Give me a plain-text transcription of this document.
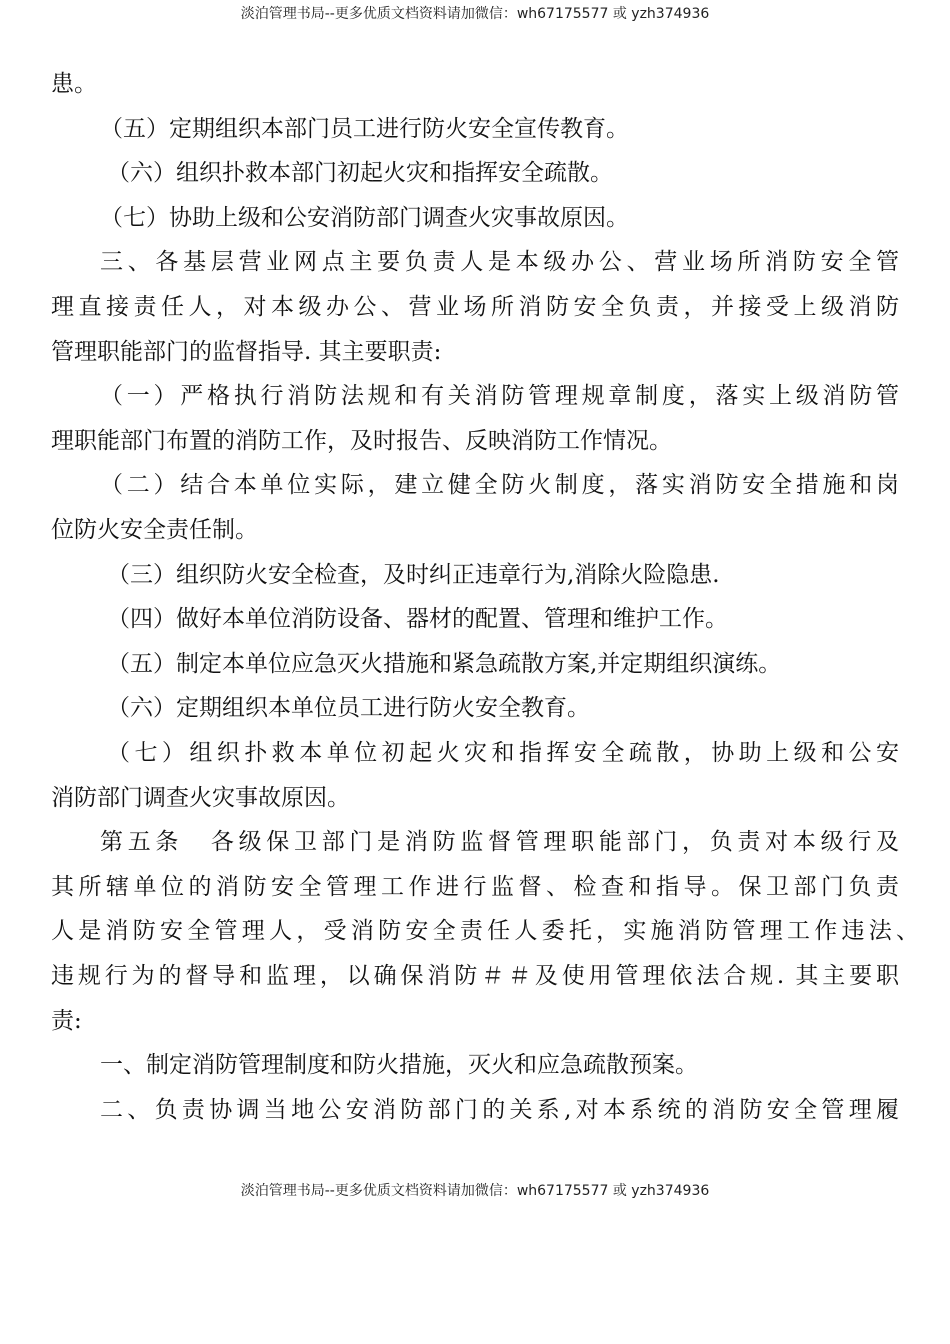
淡泊管理书局--更多优质文档资料请加微信：wh67175577 或 yzh374936
患。
（五）定期组织本部门员工进行防火安全宣传教育。
（六）组织扑救本部门初起火灾和指挥安全疏散。
（七）协助上级和公安消防部门调查火灾事故原因。
三、各基层营业网点主要负责人是本级办公、营业场所消防安全管
理直接责任人，对本级办公、营业场所消防安全负责，并接受上级消防
管理职能部门的监督指导. 其主要职责:
（一）严格执行消防法规和有关消防管理规章制度，落实上级消防管
理职能部门布置的消防工作，及时报告、反映消防工作情况。
（二）结合本单位实际，建立健全防火制度，落实消防安全措施和岗
位防火安全责任制。
（三）组织防火安全检查，及时纠正违章行为,消除火险隐患.
（四）做好本单位消防设备、器材的配置、管理和维护工作。
（五）制定本单位应急灭火措施和紧急疏散方案,并定期组织演练。
（六）定期组织本单位员工进行防火安全教育。
（七）组织扑救本单位初起火灾和指挥安全疏散，协助上级和公安
消防部门调查火灾事故原因。
第五条　各级保卫部门是消防监督管理职能部门，负责对本级行及
其所辖单位的消防安全管理工作进行监督、检查和指导。保卫部门负责
人是消防安全管理人，受消防安全责任人委托，实施消防管理工作违法、
违规行为的督导和监理，以确保消防＃＃及使用管理依法合规. 其主要职
责:
一、制定消防管理制度和防火措施，灭火和应急疏散预案。
二、负责协调当地公安消防部门的关系,对本系统的消防安全管理履
淡泊管理书局--更多优质文档资料请加微信：wh67175577 或 yzh374936
